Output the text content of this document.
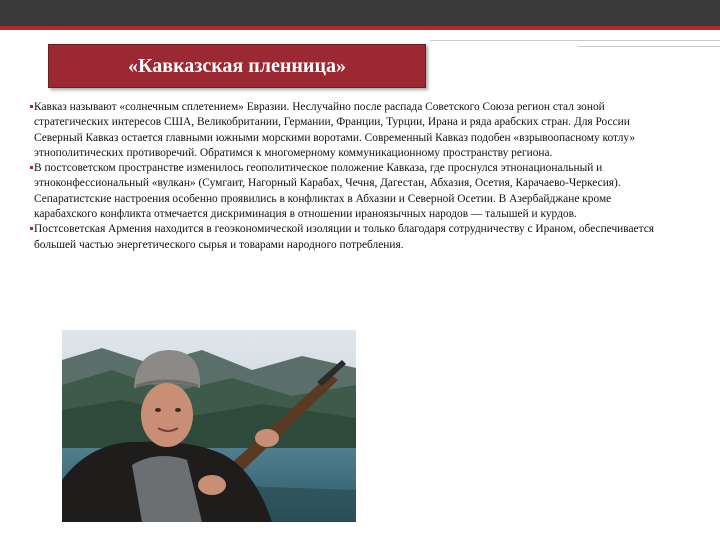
«Кавказская пленница»
Кавказ называют «солнечным сплетением» Евразии. Неслучайно после распада Советского Союза регион стал зоной стратегических интересов США, Великобритании, Германии, Франции, Турции, Ирана и ряда арабских стран. Для России Северный Кавказ остается главными южными морскими воротами. Современный Кавказ подобен «взрывоопасному котлу» этнополитических противоречий. Обратимся к многомерному коммуникационному пространству региона.
В постсоветском пространстве изменилось геополитическое положение Кавказа, где проснулся этнонациональный и этноконфессиональный «вулкан» (Сумгаит, Нагорный Карабах, Чечня, Дагестан, Абхазия, Осетия, Карачаево-Черкесия). Сепаратистские настроения особенно проявились в конфликтах в Абхазии и Северной Осетии. В Азербайджане кроме карабахского конфликта отмечается дискриминация в отношении ираноязычных народов — талышей и курдов.
Постсоветская Армения находится в геоэкономической изоляции и только благодаря сотрудничеству с Ираном, обеспечивается большей частью энергетического сырья и товарами народного потребления.
